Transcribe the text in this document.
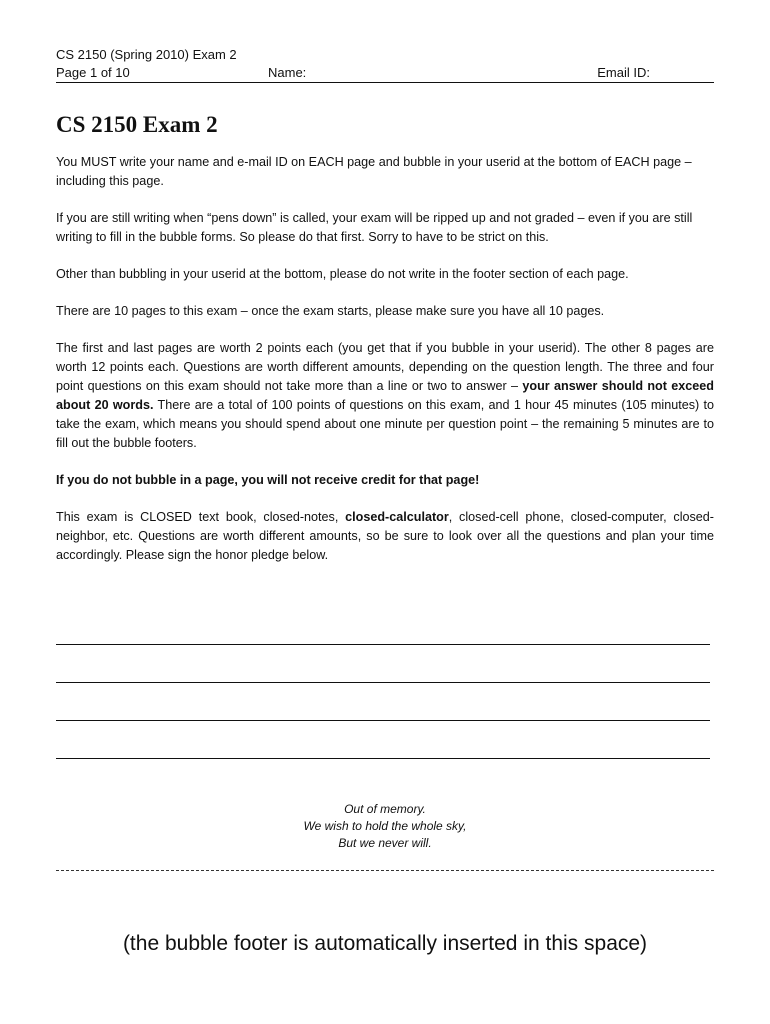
CS 2150 (Spring 2010) Exam 2
Page 1 of 10	Name:	Email ID:
CS 2150 Exam 2

You MUST write your name and e-mail ID on EACH page and bubble in your userid at the bottom of EACH page – including this page.

If you are still writing when “pens down” is called, your exam will be ripped up and not graded – even if you are still writing to fill in the bubble forms. So please do that first. Sorry to have to be strict on this.

Other than bubbling in your userid at the bottom, please do not write in the footer section of each page.

There are 10 pages to this exam – once the exam starts, please make sure you have all 10 pages.

The first and last pages are worth 2 points each (you get that if you bubble in your userid). The other 8 pages are worth 12 points each. Questions are worth different amounts, depending on the question length. The three and four point questions on this exam should not take more than a line or two to answer – your answer should not exceed about 20 words. There are a total of 100 points of questions on this exam, and 1 hour 45 minutes (105 minutes) to take the exam, which means you should spend about one minute per question point – the remaining 5 minutes are to fill out the bubble footers.

If you do not bubble in a page, you will not receive credit for that page!

This exam is CLOSED text book, closed-notes, closed-calculator, closed-cell phone, closed-computer, closed-neighbor, etc. Questions are worth different amounts, so be sure to look over all the questions and plan your time accordingly. Please sign the honor pledge below.

Out of memory.
We wish to hold the whole sky,
But we never will.
(the bubble footer is automatically inserted in this space)
